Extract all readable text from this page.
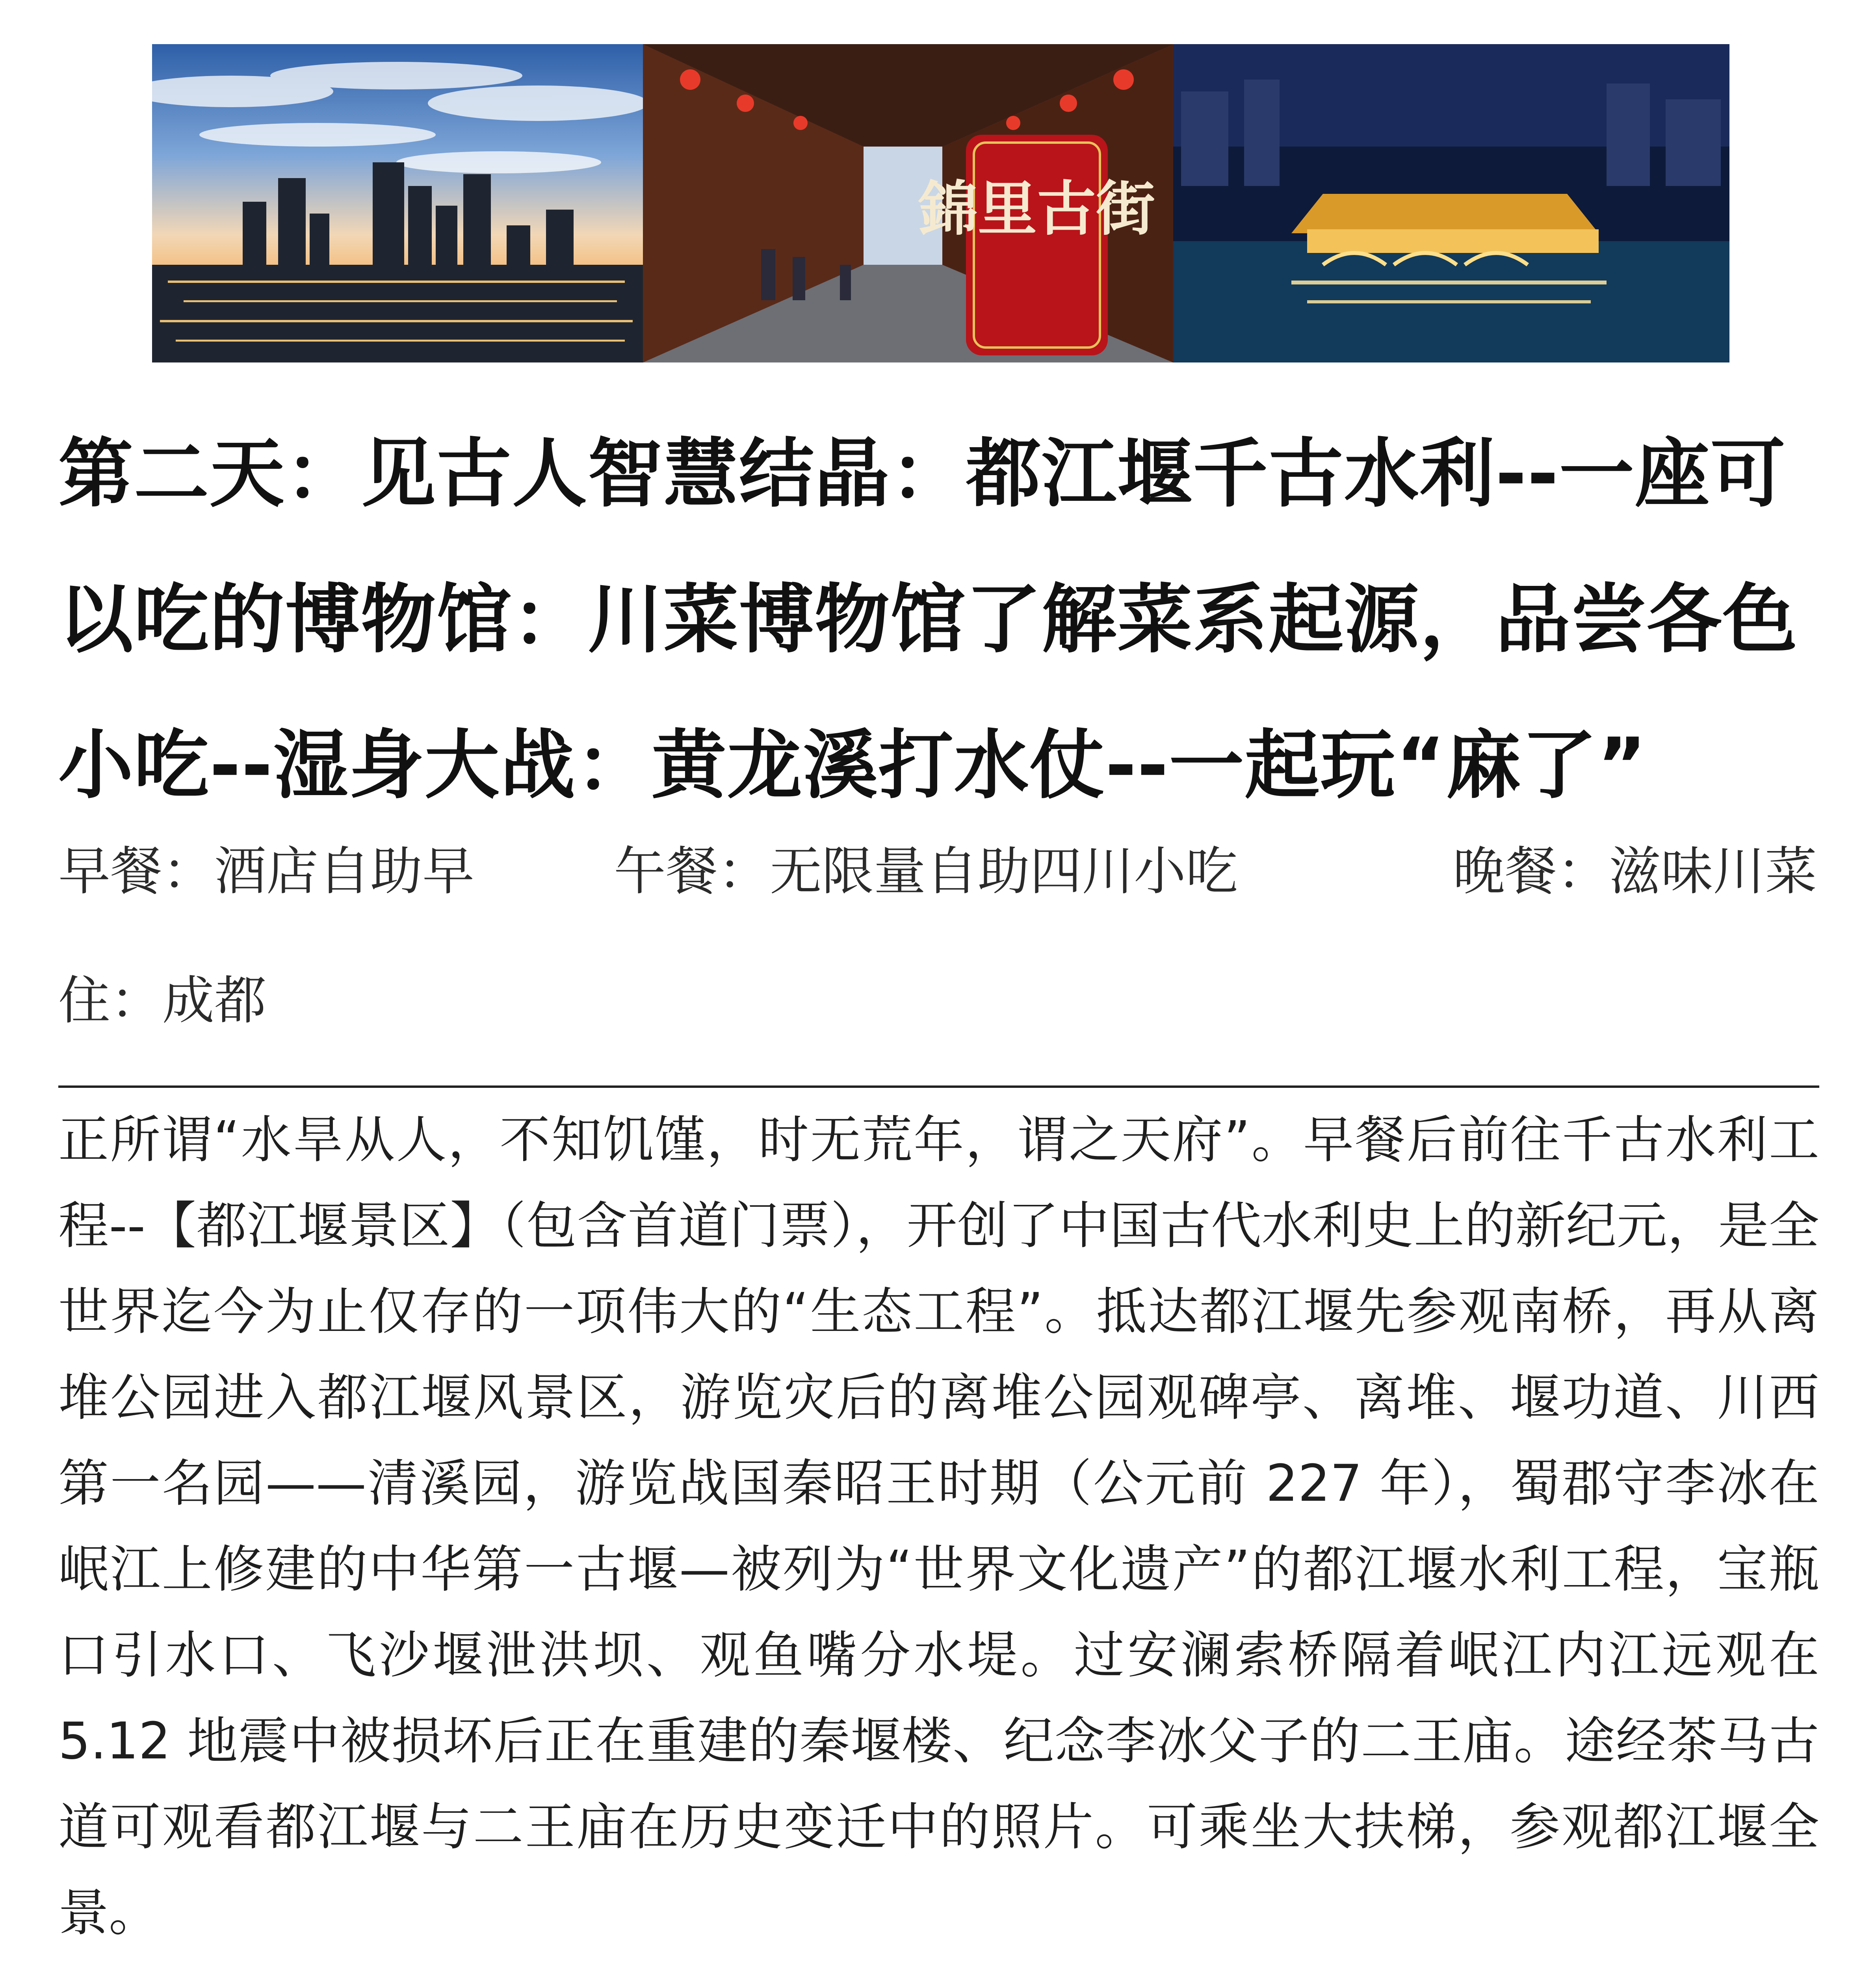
錦里古街
第二天：见古人智慧结晶：都江堰千古水利--一座可以吃的博物馆：川菜博物馆了解菜系起源，品尝各色小吃--湿身大战：黄龙溪打水仗--一起玩“麻了”
早餐：酒店自助早	午餐：无限量自助四川小吃	晚餐：滋味川菜
住：成都

正所谓“水旱从人，不知饥馑，时无荒年，谓之天府”。早餐后前往千古水利工程--【都江堰景区】（包含首道门票），开创了中国古代水利史上的新纪元，是全世界迄今为止仅存的一项伟大的“生态工程”。抵达都江堰先参观南桥，再从离堆公园进入都江堰风景区，游览灾后的离堆公园观碑亭、离堆、堰功道、川西第一名园——清溪园，游览战国秦昭王时期（公元前 227 年），蜀郡守李冰在岷江上修建的中华第一古堰—被列为“世界文化遗产”的都江堰水利工程，宝瓶口引水口、飞沙堰泄洪坝、观鱼嘴分水堤。过安澜索桥隔着岷江内江远观在 5.12 地震中被损坏后正在重建的秦堰楼、纪念李冰父子的二王庙。途经茶马古道可观看都江堰与二王庙在历史变迁中的照片。可乘坐大扶梯，参观都江堰全景。
